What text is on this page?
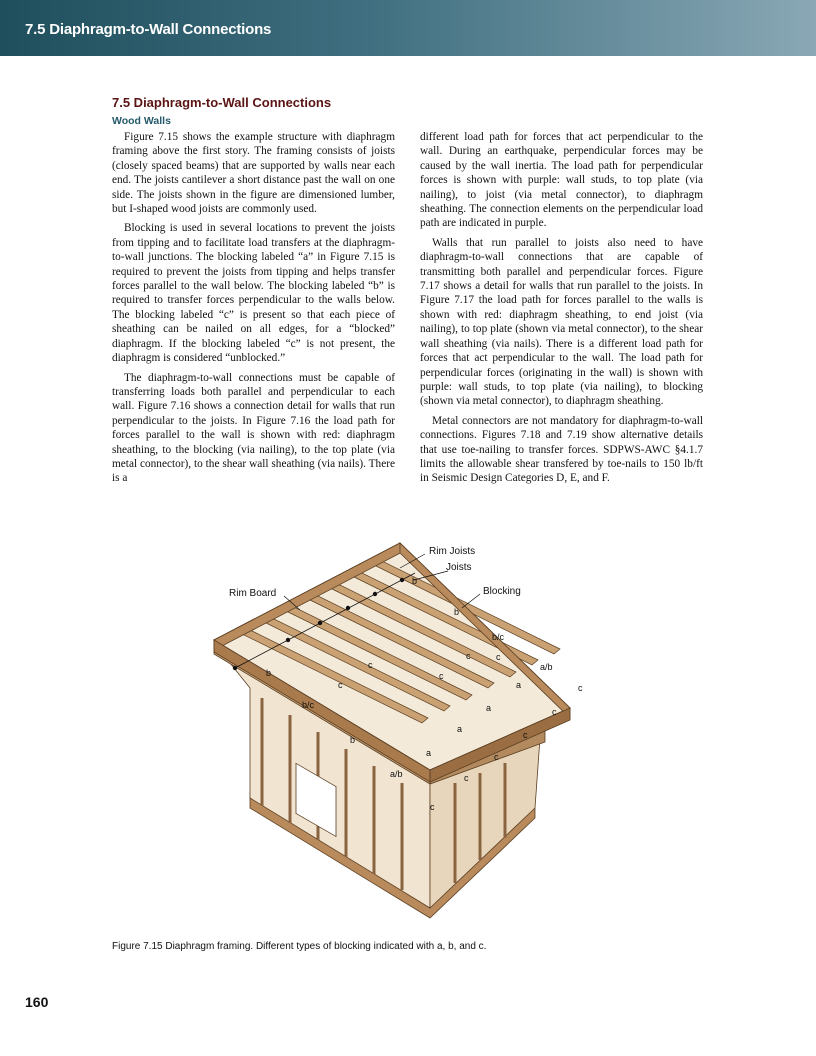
7.5 Diaphragm-to-Wall Connections
7.5 Diaphragm-to-Wall Connections
Wood Walls

Figure 7.15 shows the example structure with diaphragm framing above the first story. The framing consists of joists (closely spaced beams) that are supported by walls near each end. The joists cantilever a short distance past the wall on one side. The joists shown in the figure are dimensioned lumber, but I-shaped wood joists are commonly used.

Blocking is used in several locations to prevent the joists from tipping and to facilitate load transfers at the diaphragm-to-wall junctions. The blocking labeled “a” in Figure 7.15 is required to prevent the joists from tipping and helps transfer forces parallel to the wall below. The blocking labeled “b” is required to transfer forces perpendicular to the walls below. The blocking labeled “c” is present so that each piece of sheathing can be nailed on all edges, for a “blocked” diaphragm. If the blocking labeled “c” is not present, the diaphragm is considered “unblocked.”

The diaphragm-to-wall connections must be capable of transferring loads both parallel and perpendicular to each wall. Figure 7.16 shows a connection detail for walls that run perpendicular to the joists. In Figure 7.16 the load path for forces parallel to the wall is shown with red: diaphragm sheathing, to the blocking (via nailing), to the top plate (via metal connector), to the shear wall sheathing (via nails). There is a

different load path for forces that act perpendicular to the wall. During an earthquake, perpendicular forces may be caused by the wall inertia. The load path for perpendicular forces is shown with purple: wall studs, to top plate (via nailing), to joist (via metal connector), to diaphragm sheathing. The connection elements on the perpendicular load path are indicated in purple.

Walls that run parallel to joists also need to have diaphragm-to-wall connections that are capable of transmitting both parallel and perpendicular forces. Figure 7.17 shows a detail for walls that run parallel to the joists. In Figure 7.17 the load path for forces parallel to the walls is shown with red: diaphragm sheathing, to end joist (via nailing), to top plate (shown via metal connector), to the shear wall sheathing (via nails). There is a different load path for forces that act perpendicular to the wall. The load path for perpendicular forces (originating in the wall) is shown with purple: wall studs, to top plate (via nailing), to blocking (shown via metal connector), to diaphragm sheathing.

Metal connectors are not mandatory for diaphragm-to-wall connections. Figures 7.18 and 7.19 show alternative details that use toe-nailing to transfer forces. SDPWS-AWC §4.1.7 limits the allowable shear transfered by toe-nails to 150 lb/ft in Seismic Design Categories D, E, and F.

Rim Joists
Joists
Rim Board	Blocking
b
b
b/c
c
a/b
c
b
c
c
c
c
a
c
b/c	a
a
c
b
a	c
c
a/b
c
Figure 7.15 Diaphragm framing. Different types of blocking indicated with a, b, and c.
160
